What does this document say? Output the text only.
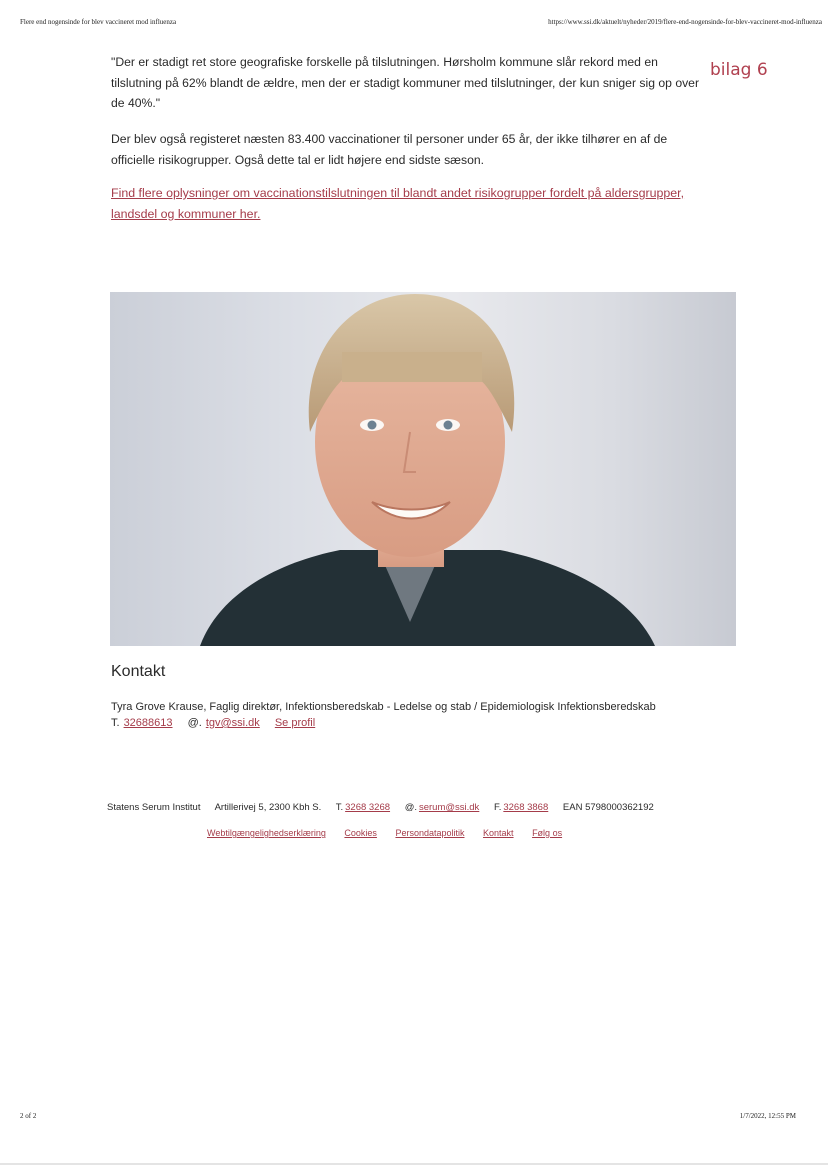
Flere end nogensinde for blev vaccineret mod influenza	https://www.ssi.dk/aktuelt/nyheder/2019/flere-end-nogensinde-for-blev-vaccineret-mod-influenza
bilag 6

"Der er stadigt ret store geografiske forskelle på tilslutningen. Hørsholm kommune slår rekord med en tilslutning på 62% blandt de ældre, men der er stadigt kommuner med tilslutninger, der kun sniger sig op over de 40%."

Der blev også registeret næsten 83.400 vaccinationer til personer under 65 år, der ikke tilhører en af de officielle risikogrupper. Også dette tal er lidt højere end sidste sæson.

Find flere oplysninger om vaccinationstilslutningen til blandt andet risikogrupper fordelt på aldersgrupper, landsdel og kommuner her.

Kontakt
Tyra Grove Krause, Faglig direktør, Infektionsberedskab - Ledelse og stab / Epidemiologisk Infektionsberedskab
T. 32688613 @. tgv@ssi.dk Se profil
Statens Serum Institut Artillerivej 5, 2300 Kbh S. T. 3268 3268 @. serum@ssi.dk F. 3268 3868 EAN 5798000362192
Webtilgængelighedserklæring Cookies Persondatapolitik Kontakt Følg os
2 of 2	1/7/2022, 12:55 PM
